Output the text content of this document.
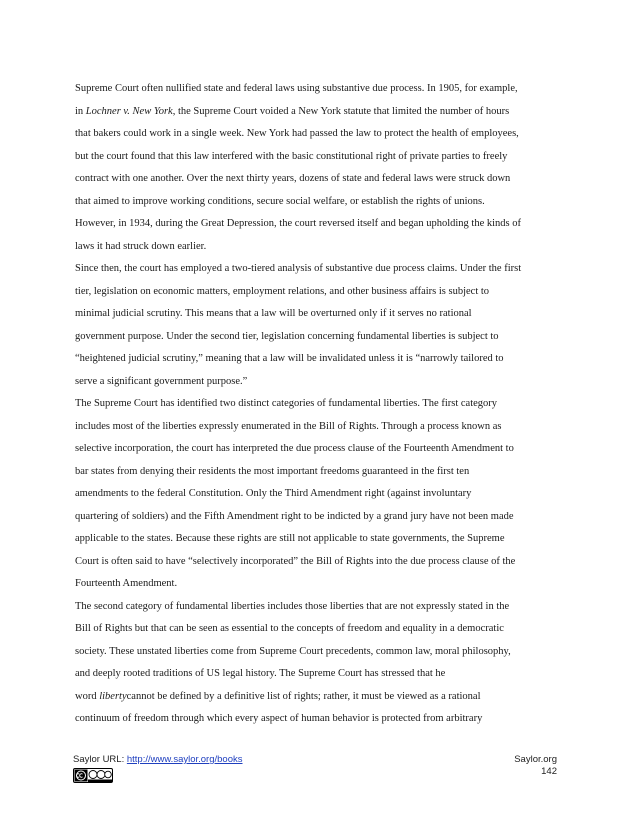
Supreme Court often nullified state and federal laws using substantive due process. In 1905, for example,
in Lochner v. New York, the Supreme Court voided a New York statute that limited the number of hours
that bakers could work in a single week. New York had passed the law to protect the health of employees,
but the court found that this law interfered with the basic constitutional right of private parties to freely
contract with one another. Over the next thirty years, dozens of state and federal laws were struck down
that aimed to improve working conditions, secure social welfare, or establish the rights of unions.
However, in 1934, during the Great Depression, the court reversed itself and began upholding the kinds of
laws it had struck down earlier.

Since then, the court has employed a two-tiered analysis of substantive due process claims. Under the first
tier, legislation on economic matters, employment relations, and other business affairs is subject to
minimal judicial scrutiny. This means that a law will be overturned only if it serves no rational
government purpose. Under the second tier, legislation concerning fundamental liberties is subject to
“heightened judicial scrutiny,” meaning that a law will be invalidated unless it is “narrowly tailored to
serve a significant government purpose.”

The Supreme Court has identified two distinct categories of fundamental liberties. The first category
includes most of the liberties expressly enumerated in the Bill of Rights. Through a process known as
selective incorporation, the court has interpreted the due process clause of the Fourteenth Amendment to
bar states from denying their residents the most important freedoms guaranteed in the first ten
amendments to the federal Constitution. Only the Third Amendment right (against involuntary
quartering of soldiers) and the Fifth Amendment right to be indicted by a grand jury have not been made
applicable to the states. Because these rights are still not applicable to state governments, the Supreme
Court is often said to have “selectively incorporated” the Bill of Rights into the due process clause of the
Fourteenth Amendment.

The second category of fundamental liberties includes those liberties that are not expressly stated in the
Bill of Rights but that can be seen as essential to the concepts of freedom and equality in a democratic
society. These unstated liberties come from Supreme Court precedents, common law, moral philosophy,
and deeply rooted traditions of US legal history. The Supreme Court has stressed that he
word libertycannot be defined by a definitive list of rights; rather, it must be viewed as a rational
continuum of freedom through which every aspect of human behavior is protected from arbitrary

Saylor URL: http://www.saylor.org/books	Saylor.org
142
